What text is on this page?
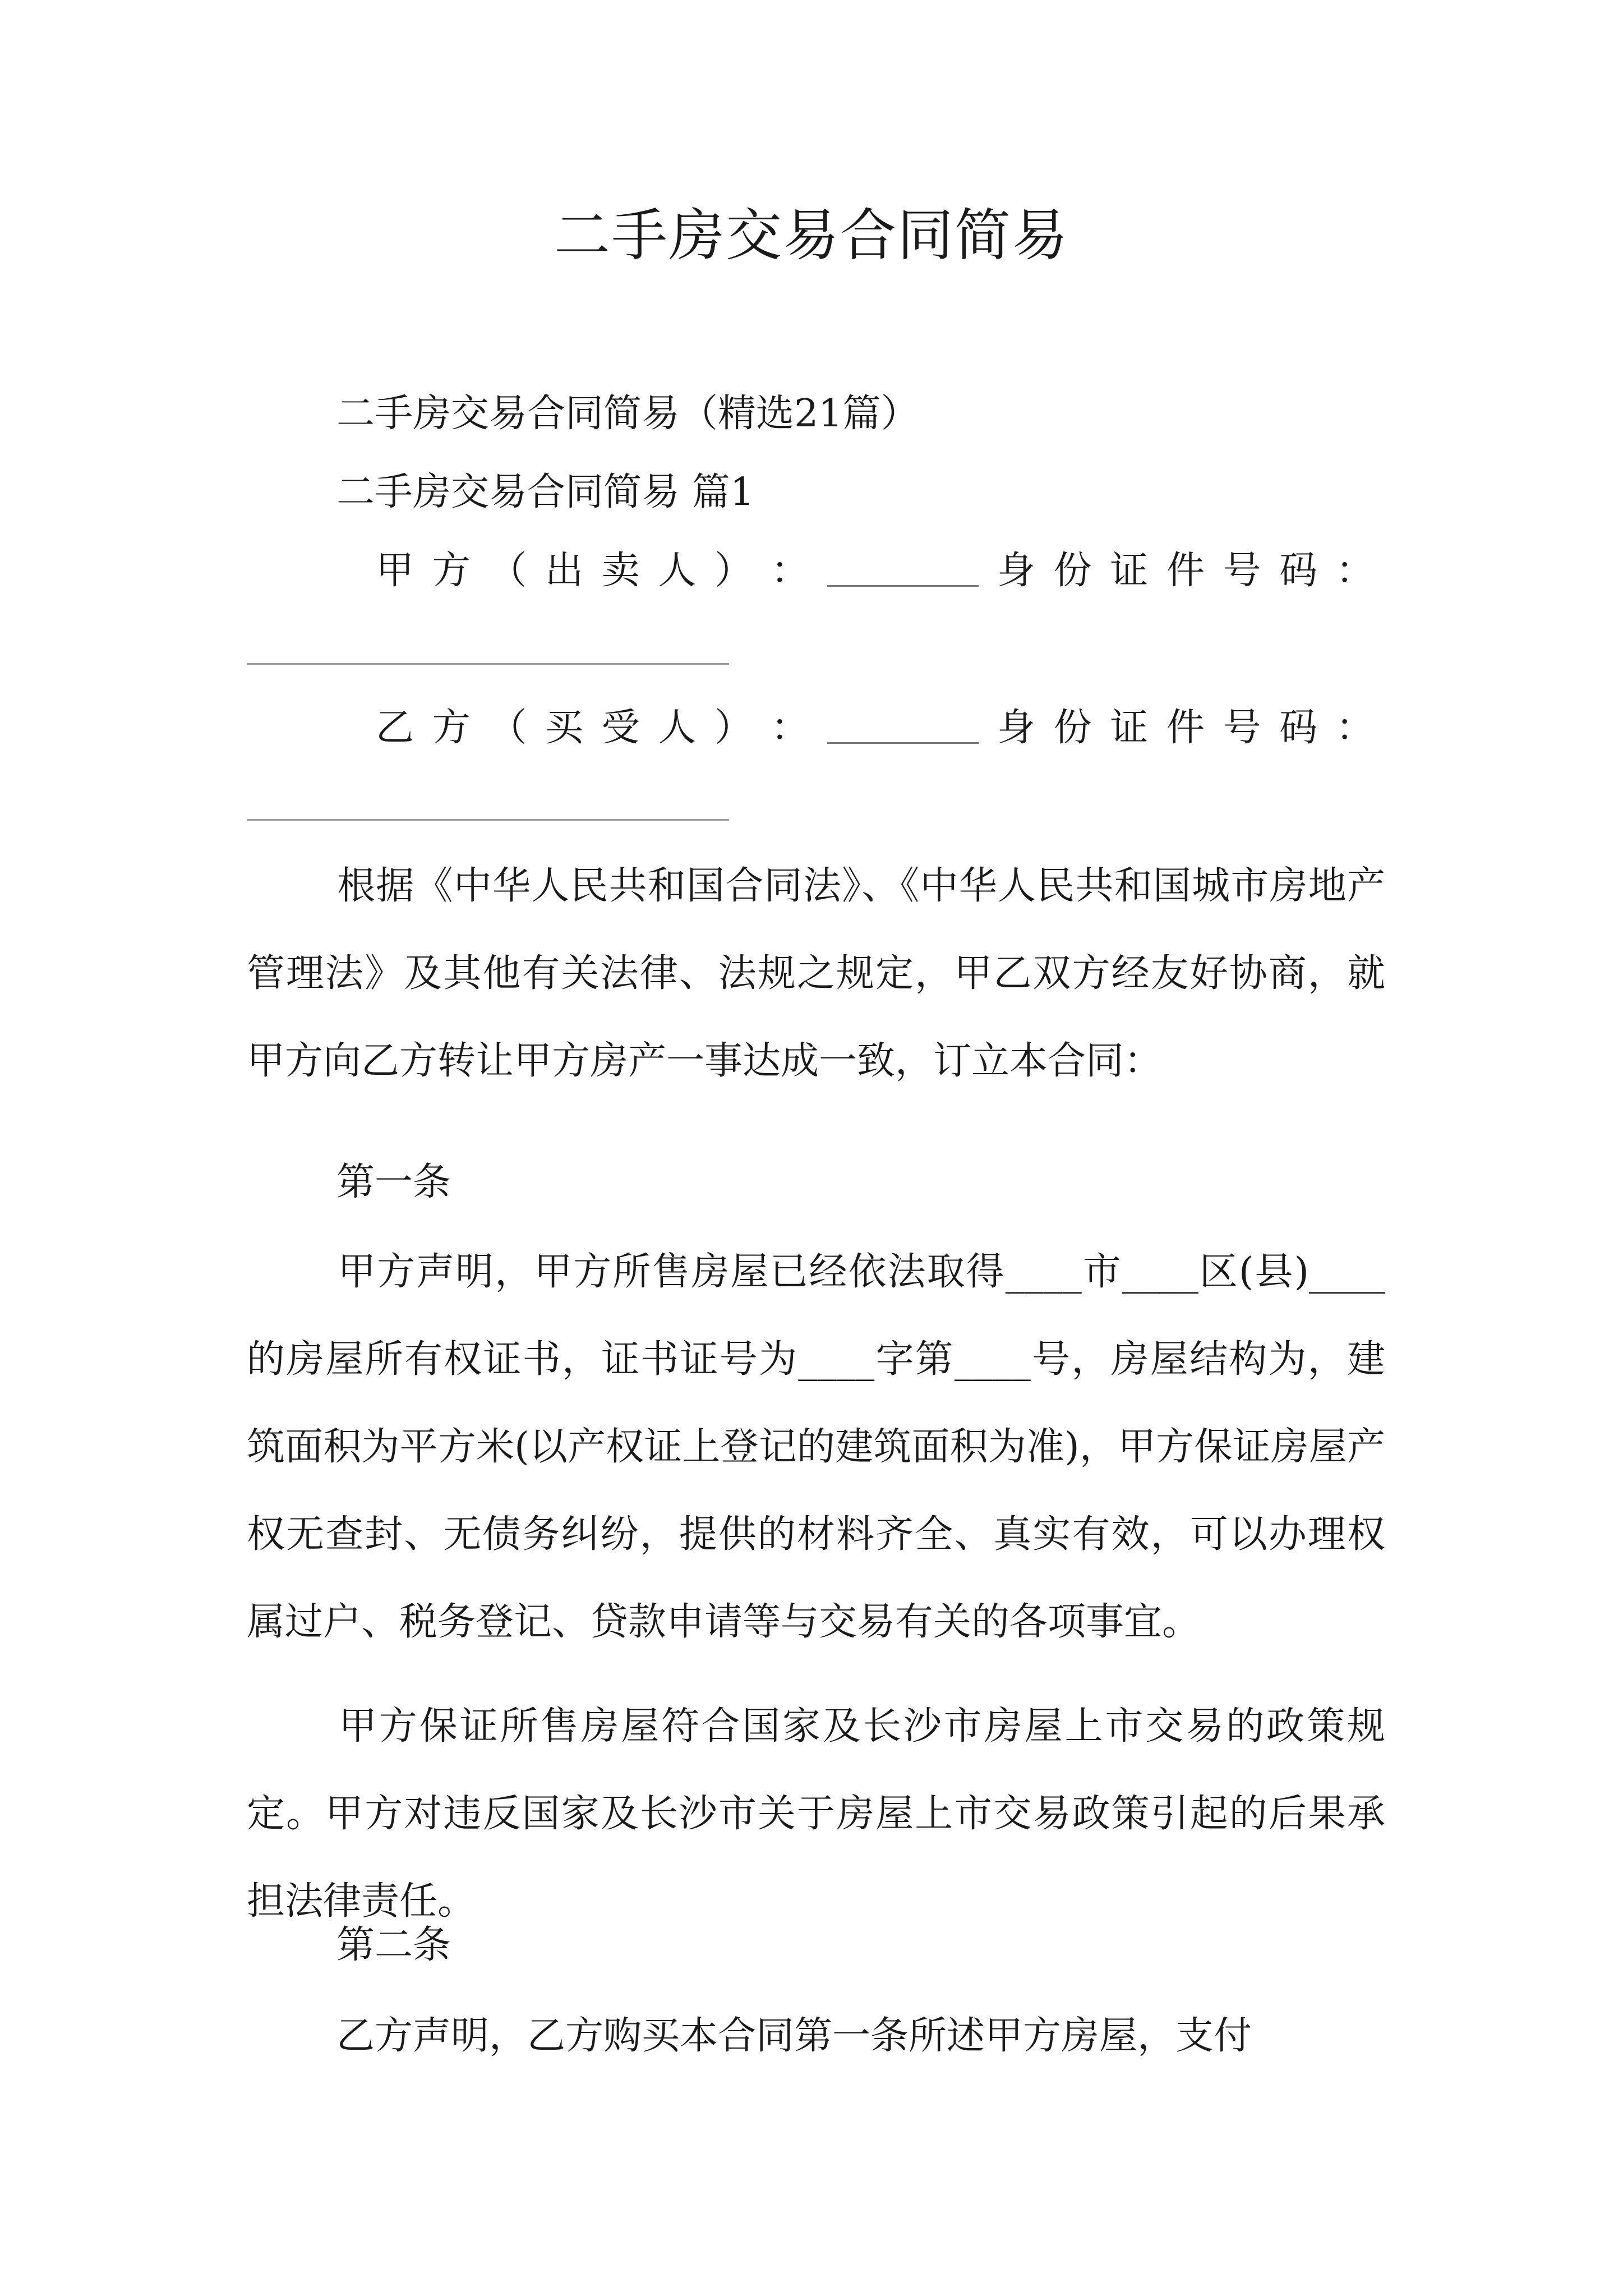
二手房交易合同简易
二手房交易合同简易（精选21篇）
二手房交易合同简易 篇1
甲 方 （ 出 卖 人 ） ：	身 份 证 件 号 码 ：
乙 方 （ 买 受 人 ） ：	身 份 证 件 号 码 ：
根据《中华人民共和国合同法》、《中华人民共和国城市房地产管理法》及其他有关法律、法规之规定，甲乙双方经友好协商，就甲方向乙方转让甲方房产一事达成一致，订立本合同：
第一条
甲方声明，甲方所售房屋已经依法取得____市____区(县)____的房屋所有权证书，证书证号为____字第____号，房屋结构为，建筑面积为平方米(以产权证上登记的建筑面积为准)，甲方保证房屋产权无查封、无债务纠纷，提供的材料齐全、真实有效，可以办理权属过户、税务登记、贷款申请等与交易有关的各项事宜。
甲方保证所售房屋符合国家及长沙市房屋上市交易的政策规定。甲方对违反国家及长沙市关于房屋上市交易政策引起的后果承担法律责任。
第二条
乙方声明，乙方购买本合同第一条所述甲方房屋，支付
